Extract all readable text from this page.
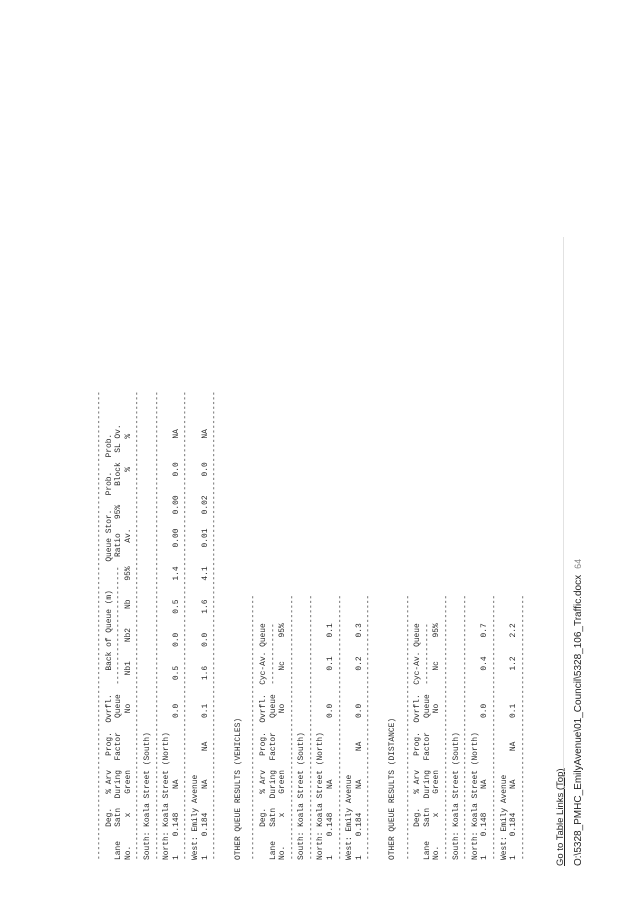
--------------------------------------------------------------------------------------------------- Deg.   % Arv   Prog.  Ovrfl.     Back of Queue (m)      Queue Stor.   Prob.   Prob. Lane   Satn  During  Factor   Queue  -------------------------  Ratio   95%    Block  SL Ov. No.      x    Green            No      Nb1    Nb2    Nb    95%     Av.            %      % --------------------------------------------------------------------------------------------------- South: Koala Street (South) --------------------------------------------------------------------------------------------------- North: Koala Street (North) 1    0.148     NA             0.0     0.5    0.0    0.5    1.4    0.00   0.00    0.0     NA --------------------------------------------------------------------------------------------------- West: Emily Avenue 1    0.184     NA      NA     0.1     1.6    0.0    1.6    4.1    0.01   0.02    0.0     NA --------------------------------------------------------------------------------------------------- OTHER QUEUE RESULTS (VEHICLES) -------------------------------------------------------- Deg.   % Arv   Prog.  Ovrfl.  Cyc-Av. Queue Lane   Satn  During  Factor   Queue  ------------- No.      x    Green            No       Nc     95% -------------------------------------------------------- South: Koala Street (South) -------------------------------------------------------- North: Koala Street (North) 1    0.148     NA             0.0       0.1    0.1 -------------------------------------------------------- West: Emily Avenue 1    0.184     NA      NA     0.0       0.2    0.3 -------------------------------------------------------- OTHER QUEUE RESULTS (DISTANCE) -------------------------------------------------------- Deg.   % Arv   Prog.  Ovrfl.  Cyc-Av. Queue Lane   Satn  During  Factor   Queue  ------------- No.      x    Green            No       Nc     95% -------------------------------------------------------- South: Koala Street (South) -------------------------------------------------------- North: Koala Street (North) 1    0.148     NA             0.0       0.4    0.7 -------------------------------------------------------- West: Emily Avenue 1    0.184     NA      NA     0.1       1.2    2.2 --------------------------------------------------------	Go to Table Links (Top) O:\5328_PMHC_EmilyAvenue\01_Council\5328_106_Traffic.docx64
